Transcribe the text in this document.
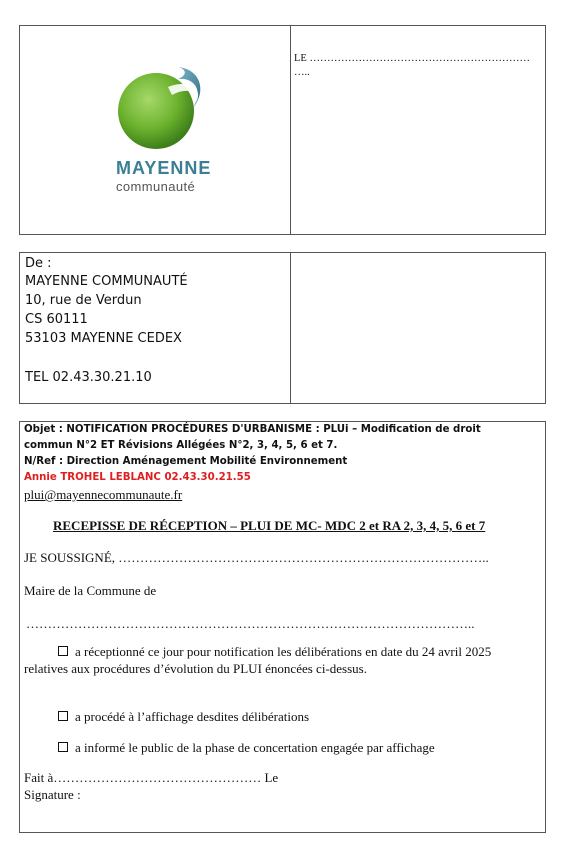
MAYENNE
communauté
LE ………………………………………………………
…..
De :
MAYENNE COMMUNAUTÉ
10, rue de Verdun
CS 60111
53103 MAYENNE CEDEX
TEL 02.43.30.21.10
Objet : NOTIFICATION PROCÉDURES D'URBANISME : PLUi – Modification de droit
commun N°2 ET Révisions Allégées N°2, 3, 4, 5, 6 et 7.
N/Ref : Direction Aménagement Mobilité Environnement
Annie TROHEL LEBLANC 02.43.30.21.55
plui@mayennecommunaute.fr
RECEPISSE DE RÉCEPTION – PLUI DE MC- MDC 2 et RA 2, 3, 4, 5, 6 et 7
JE SOUSSIGNÉ, …………………………………………………………………………..
Maire de la Commune de
…………………………………………………………………………………………..
a réceptionné ce jour pour notification les délibérations en date du 24 avril 2025
relatives aux procédures d’évolution du PLUI énoncées ci-dessus.
a procédé à l’affichage desdites délibérations
a informé le public de la phase de concertation engagée par affichage
Fait à………………………………………… Le
Signature :
